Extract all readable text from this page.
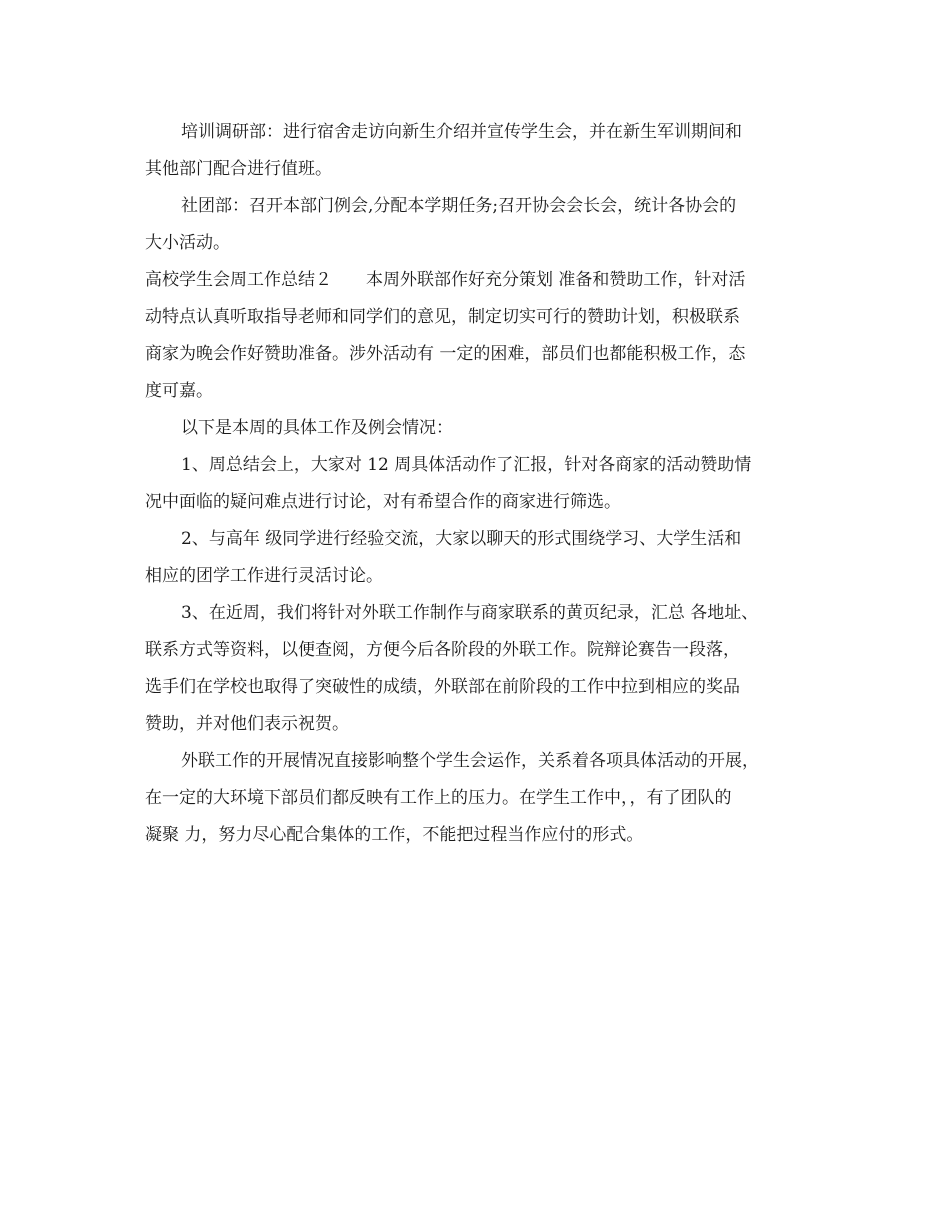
培训调研部：进行宿舍走访向新生介绍并宣传学生会，并在新生军训期间和
其他部门配合进行值班。

社团部：召开本部门例会,分配本学期任务;召开协会会长会，统计各协会的
大小活动。

高校学生会周工作总结２　　本周外联部作好充分策划 准备和赞助工作，针对活
动特点认真听取指导老师和同学们的意见，制定切实可行的赞助计划，积极联系
商家为晚会作好赞助准备。涉外活动有 一定的困难，部员们也都能积极工作，态
度可嘉。

以下是本周的具体工作及例会情况：

1、周总结会上，大家对 12 周具体活动作了汇报，针对各商家的活动赞助情
况中面临的疑问难点进行讨论，对有希望合作的商家进行筛选。

2、与高年 级同学进行经验交流，大家以聊天的形式围绕学习、大学生活和
相应的团学工作进行灵活讨论。

3、在近周，我们将针对外联工作制作与商家联系的黄页纪录，汇总 各地址、
联系方式等资料，以便查阅，方便今后各阶段的外联工作。院辩论赛告一段落，
选手们在学校也取得了突破性的成绩，外联部在前阶段的工作中拉到相应的奖品
赞助，并对他们表示祝贺。

外联工作的开展情况直接影响整个学生会运作，关系着各项具体活动的开展，
在一定的大环境下部员们都反映有工作上的压力。在学生工作中，，有了团队的
凝聚 力，努力尽心配合集体的工作，不能把过程当作应付的形式。
